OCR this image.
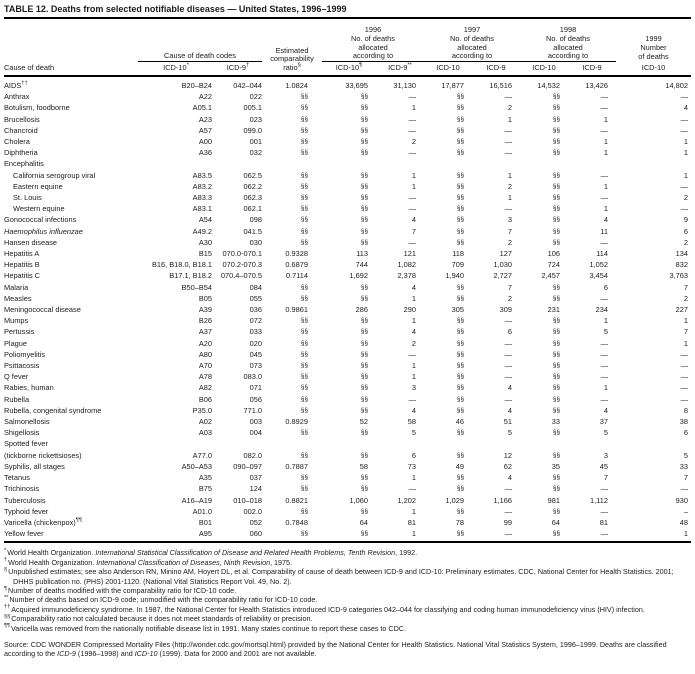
TABLE 12. Deaths from selected notifiable diseases — United States, 1996–1999
Cause of death	Cause of death codes		Estimated
comparability
ratio§	1996
No. of deaths
allocated
according to		1997
No. of deaths
allocated
according to		1998
No. of deaths
allocated
according to		1999
Number
of deaths

	ICD-10*	ICD-9†		ICD-10¶	ICD-9**	ICD-10	ICD-9	ICD-10	ICD-9	ICD-10
AIDS††	B20–B24	042–044	1.0824	33,695	31,130	17,877	16,516	14,532	13,426	14,802
Anthrax	A22	022	§§	§§	—	§§	—	§§	—	—
Botulism, foodborne	A05.1	005.1	§§	§§	1	§§	2	§§	—	4
Brucellosis	A23	023	§§	§§	—	§§	1	§§	1	—
Chancroid	A57	099.0	§§	§§	—	§§	—	§§	—	—
Cholera	A00	001	§§	§§	2	§§	—	§§	1	1
Diphtheria	A36	032	§§	§§	—	§§	—	§§	1	1
Encephalitis										
California serogroup viral	A83.5	062.5	§§	§§	1	§§	1	§§	—	1
Eastern equine	A83.2	062.2	§§	§§	1	§§	2	§§	1	—
St. Louis	A83.3	062.3	§§	§§	—	§§	1	§§	—	2
Western equine	A83.1	062.1	§§	§§	—	§§	—	§§	1	—
Gonococcal infections	A54	098	§§	§§	4	§§	3	§§	4	9
Haemophilus influenzae	A49.2	041.5	§§	§§	7	§§	7	§§	11	6
Hansen disease	A30	030	§§	§§	—	§§	2	§§	—	2
Hepatitis A	B15	070.0-070.1	0.9328	113	121	118	127	106	114	134
Hepatitis B	B16, B18.0, B18.1	070.2-070.3	0.6879	744	1,082	709	1,030	724	1,052	832
Hepatitis C	B17.1, B18.2	070.4–070.5	0.7114	1,692	2,378	1,940	2,727	2,457	3,454	3,763
Malaria	B50–B54	084	§§	§§	4	§§	7	§§	6	7
Measles	B05	055	§§	§§	1	§§	2	§§	—	2
Meningococcal disease	A39	036	0.9861	286	290	305	309	231	234	227
Mumps	B26	072	§§	§§	1	§§	—	§§	1	1
Pertussis	A37	033	§§	§§	4	§§	6	§§	5	7
Plague	A20	020	§§	§§	2	§§	—	§§	—	1
Poliomyelitis	A80	045	§§	§§	—	§§	—	§§	—	—
Psittacosis	A70	073	§§	§§	1	§§	—	§§	—	—
Q fever	A78	083.0	§§	§§	1	§§	—	§§	—	—
Rabies, human	A82	071	§§	§§	3	§§	4	§§	1	—
Rubella	B06	056	§§	§§	—	§§	—	§§	—	—
Rubella, congenital syndrome	P35.0	771.0	§§	§§	4	§§	4	§§	4	8
Salmonellosis	A02	003	0.8929	52	58	46	51	33	37	38
Shigellosis	A03	004	§§	§§	5	§§	5	§§	5	6
Spotted fever										
(tickborne rickettsioses)	A77.0	082.0	§§	§§	6	§§	12	§§	3	5
Syphilis, all stages	A50–A53	090–097	0.7887	58	73	49	62	35	45	33
Tetanus	A35	037	§§	§§	1	§§	4	§§	7	7
Trichinosis	B75	124	§§	§§	—	§§	—	§§	—	—
Tuberculosis	A16–A19	010–018	0.8821	1,060	1,202	1,029	1,166	981	1,112	930
Typhoid fever	A01.0	002.0	§§	§§	1	§§	—	§§	—	–
Varicella (chickenpox)¶¶	B01	052	0.7848	64	81	78	99	64	81	48
Yellow fever	A95	060	§§	§§	1	§§	—	§§	—	1
*World Health Organization. International Statistical Classification of Disease and Related Health Problems, Tenth Revision, 1992.
†World Health Organization. International Classification of Diseases, Ninth Revision, 1975.
§Unpublished estimates; see also Anderson RN, Minino AM, Hoyert DL, et al. Comparability of cause of death between ICD-9 and ICD-10: Preliminary estimates. CDC, National Center for Health Statistics. 2001; DHHS publication no. (PHS) 2001-1120. (National Vital Statistics Report Vol. 49, No. 2).
¶Number of deaths modified with the comparability ratio for ICD-10 code.
**Number of deaths based on ICD-9 code; unmodified with the comparability ratio for ICD-10 code.
††Acquired immunodeficiency syndrome. In 1987, the National Center for Health Statistics introduced ICD-9 categories 042–044 for classifying and coding human immunodeficiency virus (HIV) infection.
§§Comparability ratio not calculated because it does not meet standards of reliability or precision.
¶¶Varicella was removed from the nationally notifiable disease list in 1991. Many states continue to report these cases to CDC.
Source: CDC WONDER Compressed Mortality Files (http://wonder.cdc.gov/mortsql.html) provided by the National Center for Health Statistics. National Vital Statistics System, 1996–1999. Deaths are classified according to the ICD-9 (1996–1998) and ICD-10 (1999). Data for 2000 and 2001 are not available.
